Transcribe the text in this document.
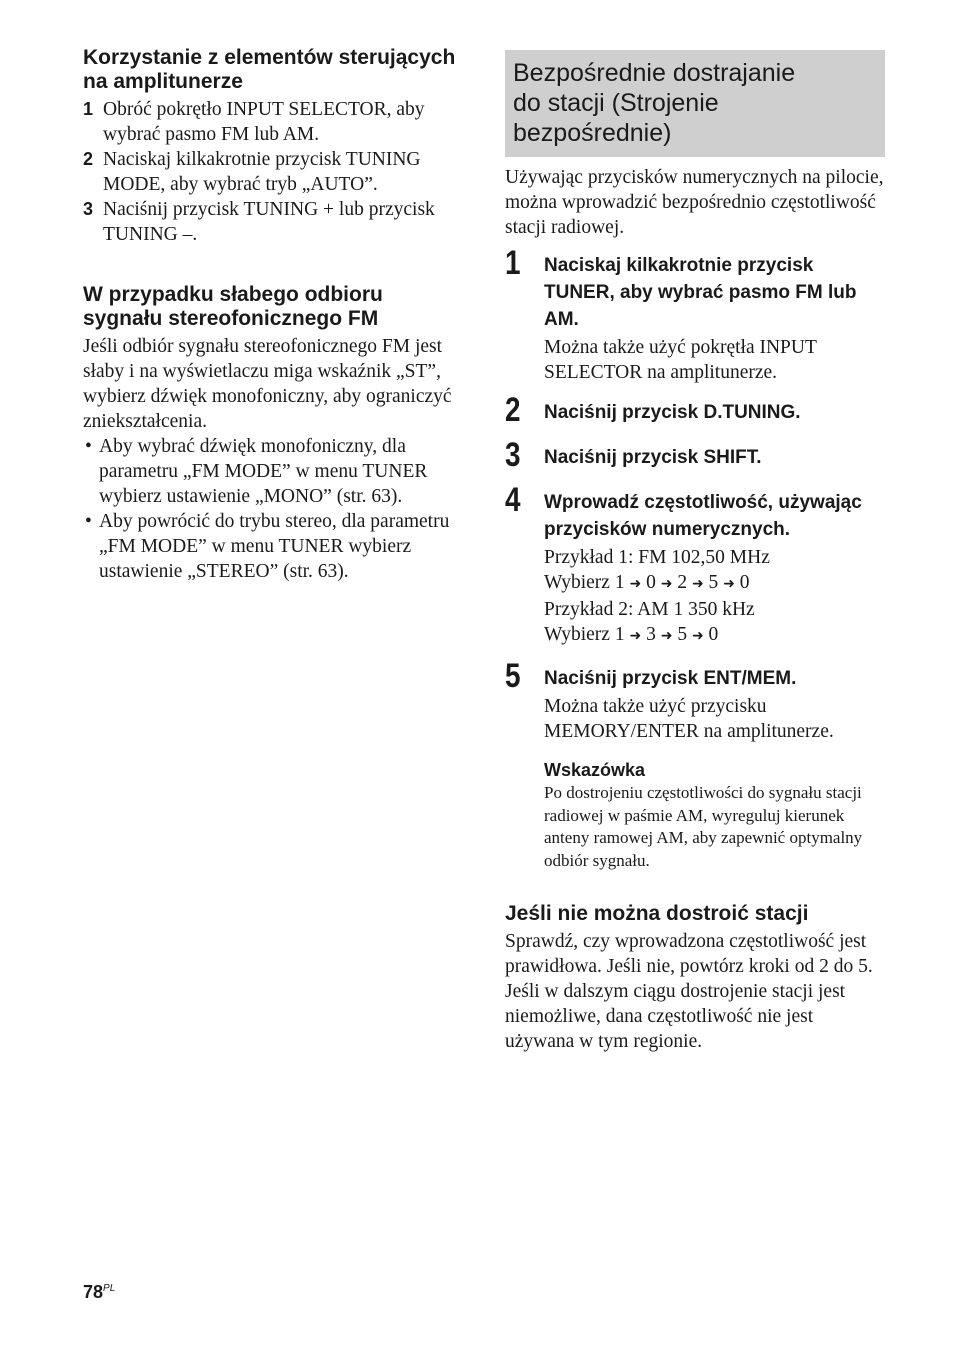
Korzystanie z elementów sterujących na amplitunerze
1 Obróć pokrętło INPUT SELECTOR, aby wybrać pasmo FM lub AM.
2 Naciskaj kilkakrotnie przycisk TUNING MODE, aby wybrać tryb „AUTO”.
3 Naciśnij przycisk TUNING + lub przycisk TUNING –.
W przypadku słabego odbioru sygnału stereofonicznego FM
Jeśli odbiór sygnału stereofonicznego FM jest słaby i na wyświetlaczu miga wskaźnik „ST”, wybierz dźwięk monofoniczny, aby ograniczyć zniekształcenia.
• Aby wybrać dźwięk monofoniczny, dla parametru „FM MODE” w menu TUNER wybierz ustawienie „MONO” (str. 63).
• Aby powrócić do trybu stereo, dla parametru „FM MODE” w menu TUNER wybierz ustawienie „STEREO” (str. 63).
Bezpośrednie dostrajanie
do stacji (Strojenie
bezpośrednie)
Używając przycisków numerycznych na pilocie, można wprowadzić bezpośrednio częstotliwość stacji radiowej.
1 Naciskaj kilkakrotnie przycisk TUNER, aby wybrać pasmo FM lub AM.
Można także użyć pokrętła INPUT SELECTOR na amplitunerze.
2 Naciśnij przycisk D.TUNING.
3 Naciśnij przycisk SHIFT.
4 Wprowadź częstotliwość, używając przycisków numerycznych.
Przykład 1: FM 102,50 MHz
Wybierz 1 ➜ 0 ➜ 2 ➜ 5 ➜ 0
Przykład 2: AM 1 350 kHz
Wybierz 1 ➜ 3 ➜ 5 ➜ 0
5 Naciśnij przycisk ENT/MEM.
Można także użyć przycisku MEMORY/ENTER na amplitunerze.
Wskazówka
Po dostrojeniu częstotliwości do sygnału stacji radiowej w paśmie AM, wyreguluj kierunek anteny ramowej AM, aby zapewnić optymalny odbiór sygnału.
Jeśli nie można dostroić stacji
Sprawdź, czy wprowadzona częstotliwość jest prawidłowa. Jeśli nie, powtórz kroki od 2 do 5. Jeśli w dalszym ciągu dostrojenie stacji jest niemożliwe, dana częstotliwość nie jest używana w tym regionie.
$78^{PL}$
